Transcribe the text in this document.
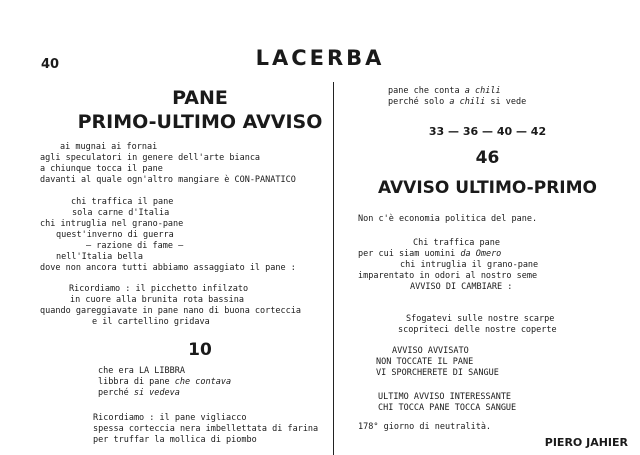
40	LACERBA
PANE
PRIMO-ULTIMO AVVISO
ai mugnai ai fornai
agli speculatori in genere dell'arte bianca
a chiunque tocca il pane
davanti al quale ogn'altro mangiare è CON-PANATICO
chi traffica il pane
sola carne d'Italia
chi intruglia nel grano-pane
quest'inverno di guerra
— razione di fame —
nell'Italia bella
dove non ancora tutti abbiamo assaggiato il pane :
Ricordiamo : il picchetto infilzato
in cuore alla brunita rota bassina
quando gareggiavate in pane nano di buona corteccia
e il cartellino gridava
10
che era LA LIBBRA
libbra di pane che contava
perché si vedeva
Ricordiamo : il pane vigliacco
spessa corteccia nera imbellettata di farina
per truffar la mollica di piombo
pane che conta a chili
perché solo a chili si vede
33 — 36 — 40 — 42
46
AVVISO ULTIMO-PRIMO
Non c'è economia politica del pane.
Chi traffica pane
per cui siam uomini da Omero
chi intruglia il grano-pane
imparentato in odori al nostro seme
AVVISO DI CAMBIARE :
Sfogatevi sulle nostre scarpe
scopriteci delle nostre coperte
AVVISO AVVISATO
NON TOCCATE IL PANE
VI SPORCHERETE DI SANGUE
ULTIMO AVVISO INTERESSANTE
CHI TOCCA PANE TOCCA SANGUE
178° giorno di neutralità.
PIERO JAHIER
